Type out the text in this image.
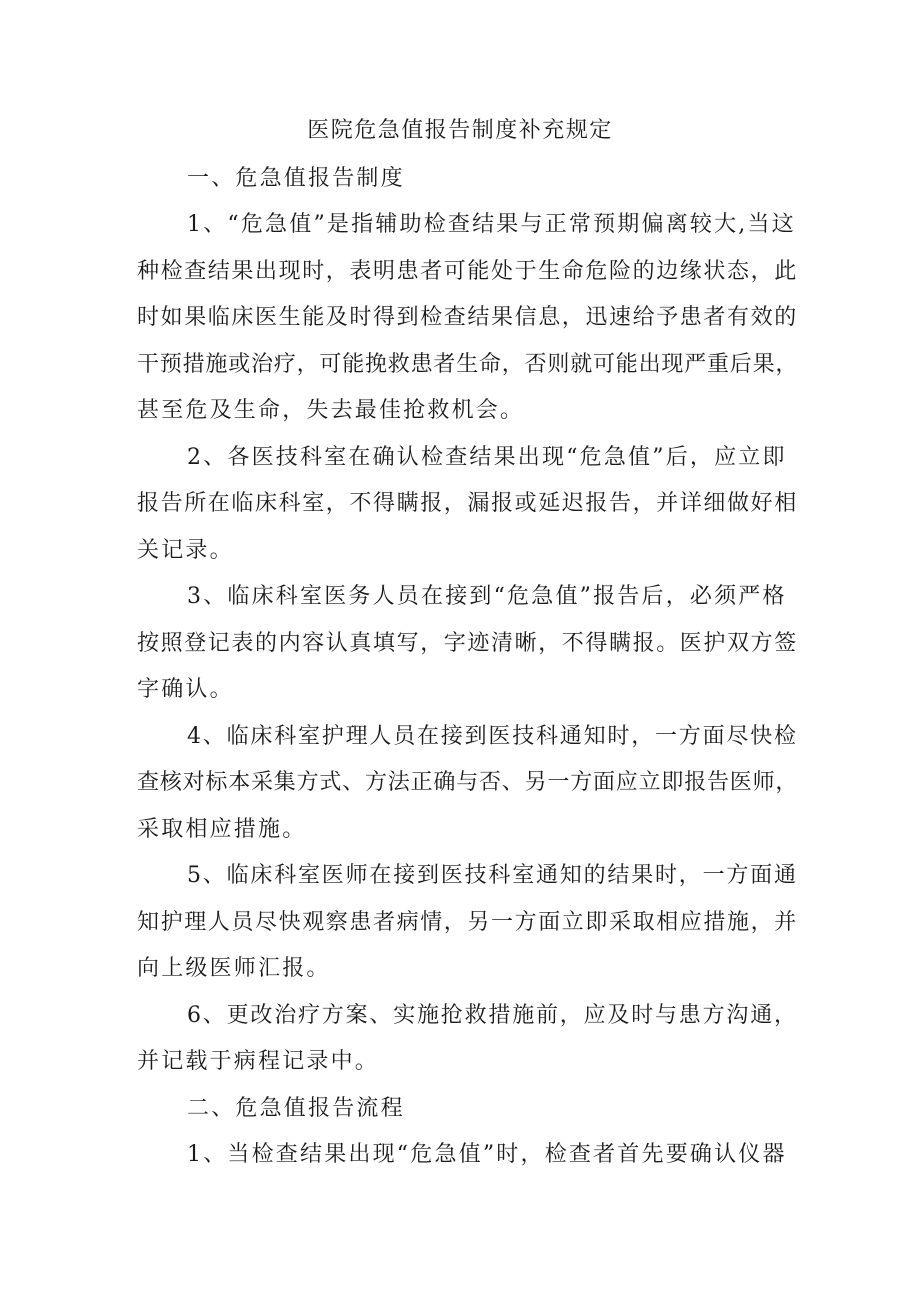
医院危急值报告制度补充规定
一、危急值报告制度
1、“危急值”是指辅助检查结果与正常预期偏离较大,当这
种检查结果出现时，表明患者可能处于生命危险的边缘状态，此
时如果临床医生能及时得到检查结果信息，迅速给予患者有效的
干预措施或治疗，可能挽救患者生命，否则就可能出现严重后果，
甚至危及生命，失去最佳抢救机会。
2、各医技科室在确认检查结果出现“危急值”后，应立即
报告所在临床科室，不得瞒报，漏报或延迟报告，并详细做好相
关记录。
3、临床科室医务人员在接到“危急值”报告后，必须严格
按照登记表的内容认真填写，字迹清晰，不得瞒报。医护双方签
字确认。
4、临床科室护理人员在接到医技科通知时，一方面尽快检
查核对标本采集方式、方法正确与否、另一方面应立即报告医师，
采取相应措施。
5、临床科室医师在接到医技科室通知的结果时，一方面通
知护理人员尽快观察患者病情，另一方面立即采取相应措施，并
向上级医师汇报。
6、更改治疗方案、实施抢救措施前，应及时与患方沟通，
并记载于病程记录中。
二、危急值报告流程
1、当检查结果出现“危急值”时，检查者首先要确认仪器
